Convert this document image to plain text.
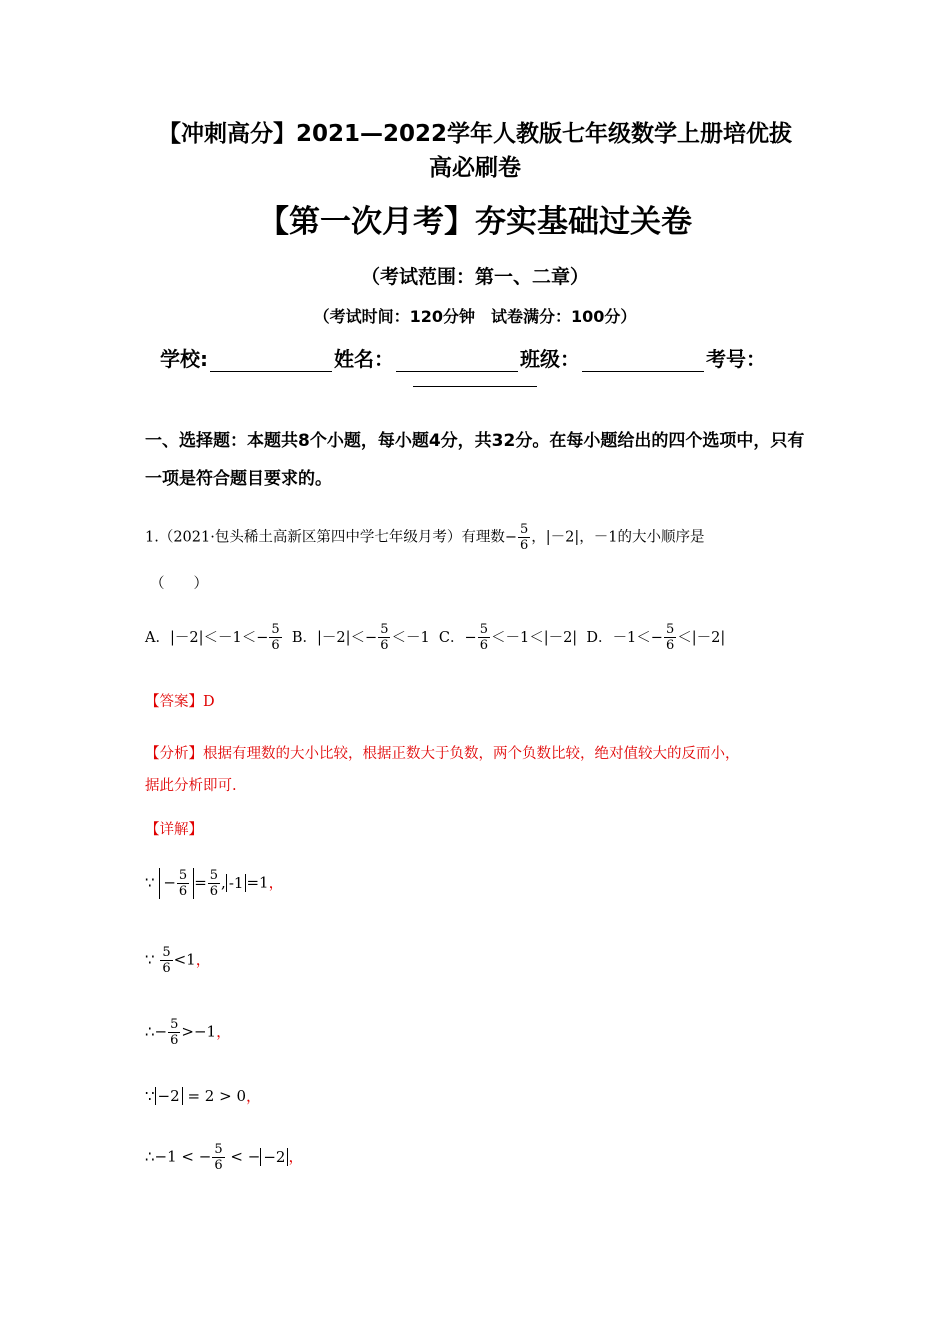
【冲刺高分】2021—2022学年人教版七年级数学上册培优拔
高必刷卷
【第一次月考】夯实基础过关卷
（考试范围：第一、二章）
（考试时间：120分钟　试卷满分：100分）
学校:	姓名：	班级：	考号：
一、选择题：本题共8个小题，每小题4分，共32分。在每小题给出的四个选项中，只有一项是符合题目要求的。
1.（2021·包头稀土高新区第四中学七年级月考）有理数− $\frac{5}{6}$ ，|－2|，－1的大小顺序是
（　　）
A．$|-2|<-1<- \frac{5}{6}$ B．$|-2|<- \frac{5}{6} <-1$ C．− $\frac{5}{6} <-1<|-2|$ D．$-1<- \frac{5}{6} <|-2|$
【答案】D
【分析】根据有理数的大小比较，根据正数大于负数，两个负数比较，绝对值较大的反而小，
据此分析即可.
【详解】
∵ − $\frac{5}{6} = \frac{5}{6}$ , -1 =1，
∵ $\frac{5}{6} <1$，
∴− $\frac{5}{6} >-1$，
∵ −2 = 2 > 0，
∴−1 < − $\frac{5}{6}$ < − −2 ，
